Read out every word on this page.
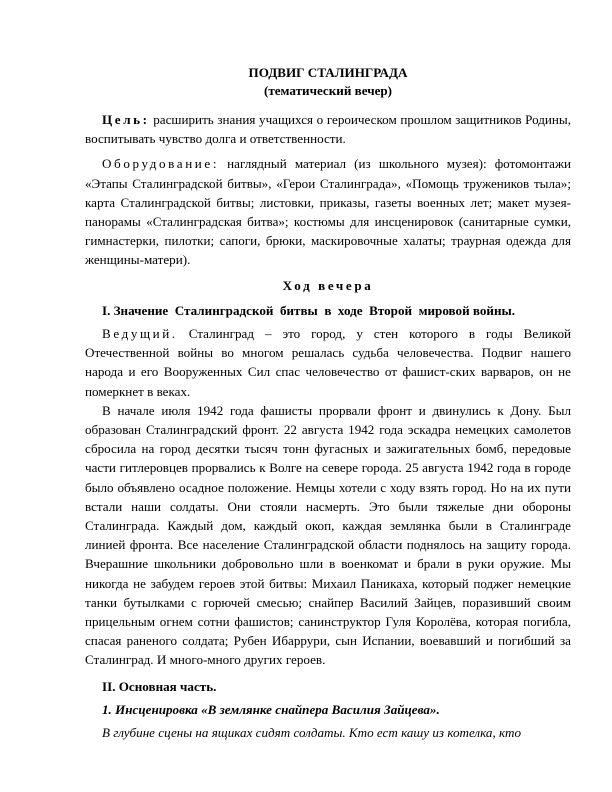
ПОДВИГ СТАЛИНГРАДА
(тематический вечер)

Цель: расширить знания учащихся о героическом прошлом защитников Родины, воспитывать чувство долга и ответственности.

Оборудование: наглядный материал (из школьного музея): фотомонтажи «Этапы Сталинградской битвы», «Герои Сталинграда», «Помощь тружеников тыла»; карта Сталинградской битвы; листовки, приказы, газеты военных лет; макет музея-панорамы «Сталинградская битва»; костюмы для инсценировок (санитарные сумки, гимнастерки, пилотки; сапоги, брюки, маскировочные халаты; траурная одежда для женщины-матери).

Ход вечера

I. Значение  Сталинградской  битвы  в  ходе  Второй  мировой войны.

Ведущий. Сталинград – это город, у стен которого в годы Великой Отечественной войны во многом решалась судьба человечества. Подвиг нашего народа и его Вооруженных Сил спас человечество от фашист-ских варваров, он не померкнет в веках.

В начале июля 1942 года фашисты прорвали фронт и двинулись к Дону. Был образован Сталинградский фронт. 22 августа 1942 года эскадра немецких самолетов сбросила на город десятки тысяч тонн фугасных и зажигательных бомб, передовые части гитлеровцев прорвались к Волге на севере города. 25 августа 1942 года в городе было объявлено осадное положение. Немцы хотели с ходу взять город. Но на их пути встали наши солдаты. Они стояли насмерть. Это были тяжелые дни обороны Сталинграда. Каждый дом, каждый окоп, каждая землянка были в Сталинграде линией фронта. Все население Сталинградской области поднялось на защиту города. Вчерашние школьники добровольно шли в военкомат и брали в руки оружие. Мы никогда не забудем героев этой битвы: Михаил Паникаха, который поджег немецкие танки бутылками с горючей смесью; снайпер Василий Зайцев, поразивший своим прицельным огнем сотни фашистов; санинструктор Гуля Королёва, которая погибла, спасая раненого солдата; Рубен Ибаррури, сын Испании, воевавший и погибший за Сталинград. И много-много других героев.

II. Основная часть.

1. Инсценировка «В землянке снайпера Василия Зайцева».

В глубине сцены на ящиках сидят солдаты. Кто ест кашу из котелка, кто
